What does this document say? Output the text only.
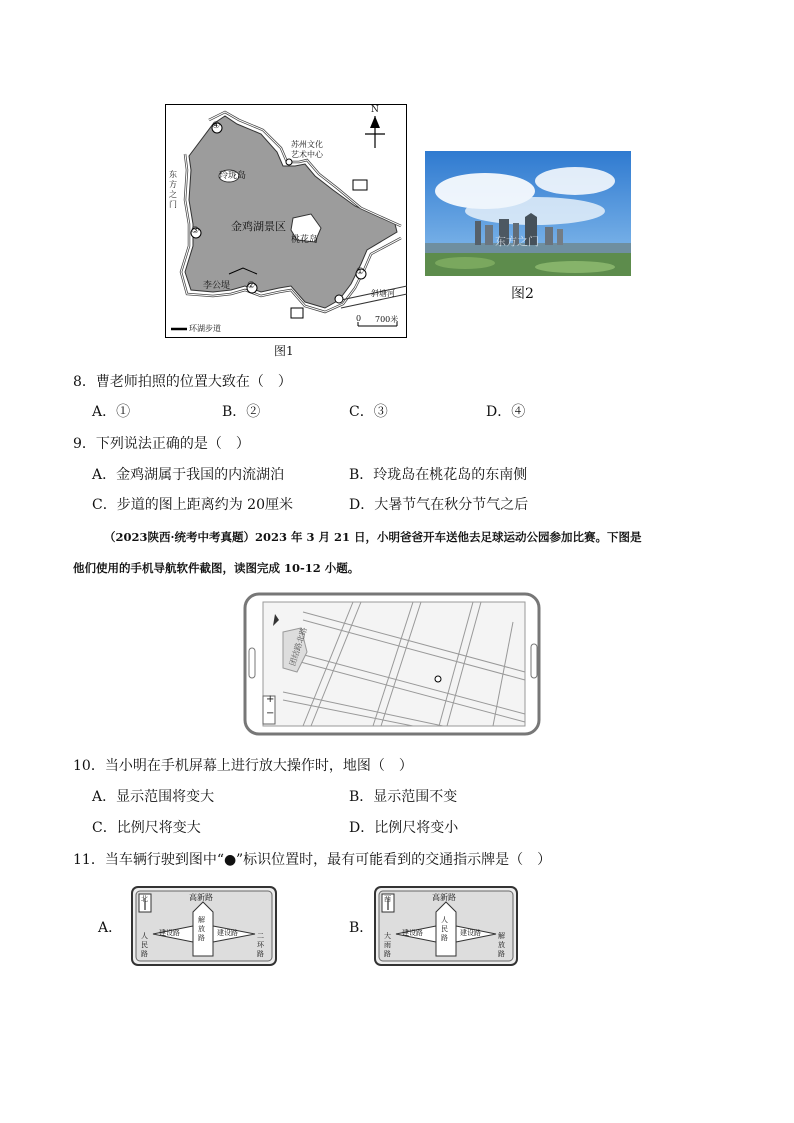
N
苏州文化
艺术中心
玲珑岛
金鸡湖景区
桃花岛
东
方
之
门
李公堤
斜塘河
0 700米
环湖步道
④
③
②
①
图1
东方之门
图2
8．曹老师拍照的位置大致在（　）
A．①	B．②	C．③	D．④
9．下列说法正确的是（　）
A．金鸡湖属于我国的内流湖泊	B．玲珑岛在桃花岛的东南侧
C．步道的图上距离约为 20厘米	D．大暑节气在秋分节气之后
（2023陕西·统考中考真题）2023 年 3 月 21 日，小明爸爸开车送他去足球运动公园参加比赛。下图是
他们使用的手机导航软件截图，读图完成 10-12 小题。
+
−
团结路北路
10．当小明在手机屏幕上进行放大操作时，地图（　）
A．显示范围将变大	B．显示范围不变
C．比例尺将变大	D．比例尺将变小
11．当车辆行驶到图中“●”标识位置时，最有可能看到的交通指示牌是（　）
A．
北	高新路
建设路	建设路
解放路
人民路
二环路
B．
西	高新路
建设路	建设路
人民路
大雨路
解放路
